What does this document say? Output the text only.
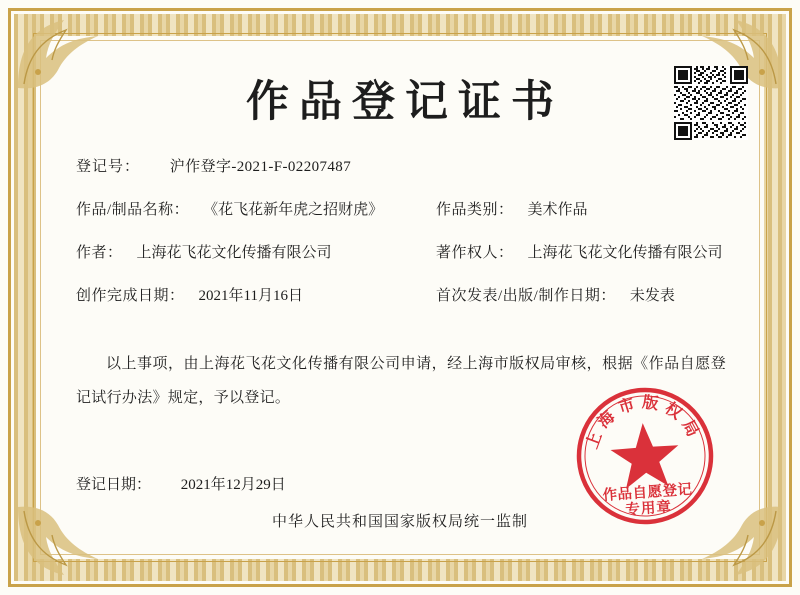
作品登记证书
登记号： 沪作登字-2021-F-02207487
作品/制品名称： 《花飞花新年虎之招财虎》	作品类别： 美术作品
作者： 上海花飞花文化传播有限公司	著作权人： 上海花飞花文化传播有限公司
创作完成日期： 2021年11月16日	首次发表/出版/制作日期： 未发表
以上事项，由上海花飞花文化传播有限公司申请，经上海市版权局审核，根据《作品自愿登记试行办法》规定，予以登记。
登记日期： 2021年12月29日
中华人民共和国国家版权局统一监制
上海市版权局
作品自愿登记
专用章
